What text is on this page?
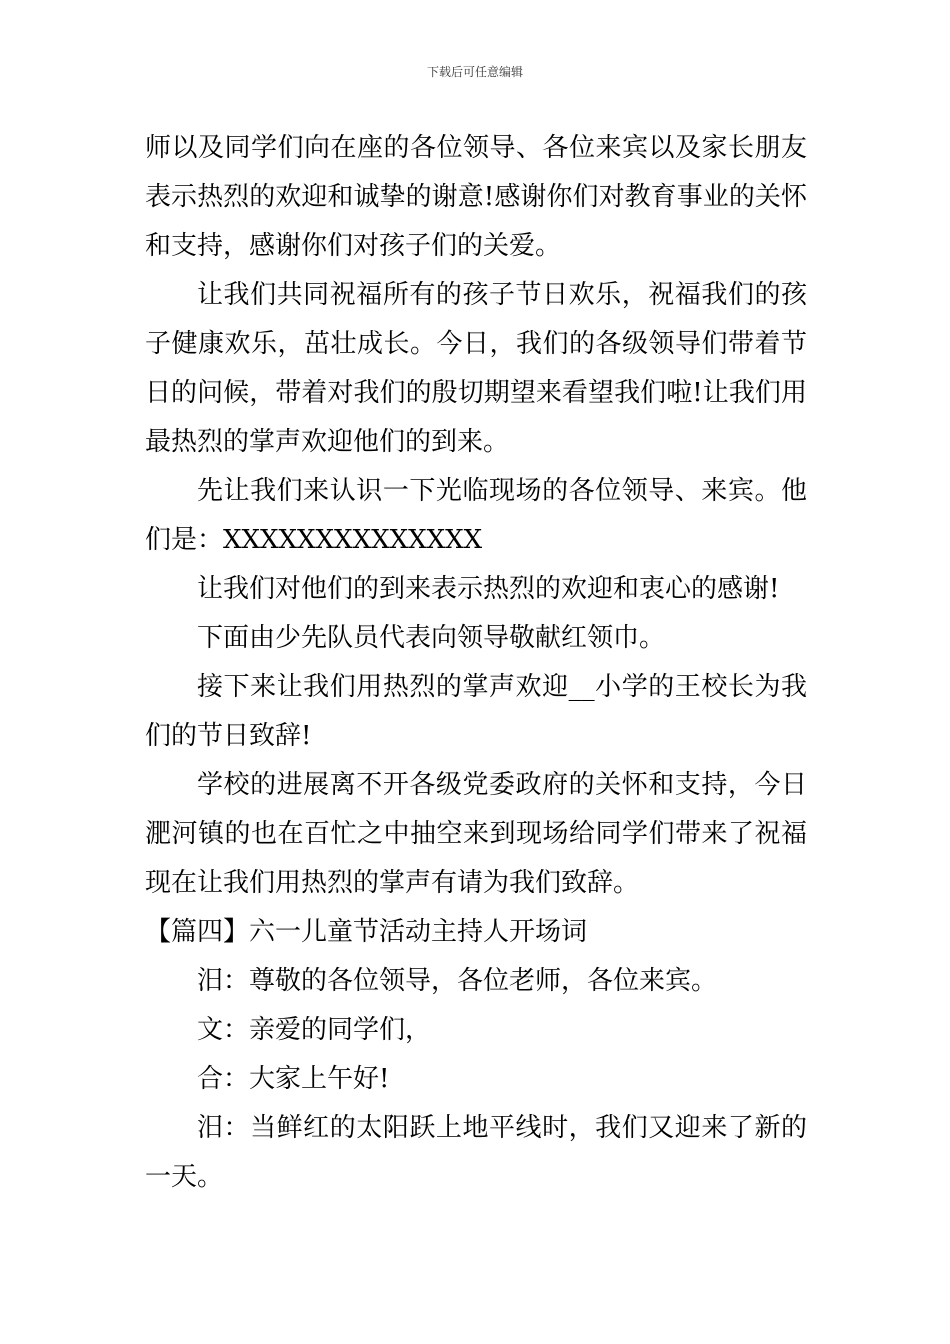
下载后可任意编辑

师以及同学们向在座的各位领导、各位来宾以及家长朋友表示热烈的欢迎和诚挚的谢意!感谢你们对教育事业的关怀和支持，感谢你们对孩子们的关爱。

让我们共同祝福所有的孩子节日欢乐，祝福我们的孩子健康欢乐，茁壮成长。今日，我们的各级领导们带着节日的问候，带着对我们的殷切期望来看望我们啦!让我们用最热烈的掌声欢迎他们的到来。

先让我们来认识一下光临现场的各位领导、来宾。他们是：XXXXXXXXXXXXXX

让我们对他们的到来表示热烈的欢迎和衷心的感谢!

下面由少先队员代表向领导敬献红领巾。

接下来让我们用热烈的掌声欢迎__小学的王校长为我们的节日致辞!

学校的进展离不开各级党委政府的关怀和支持，今日淝河镇的也在百忙之中抽空来到现场给同学们带来了祝福现在让我们用热烈的掌声有请为我们致辞。

【篇四】六一儿童节活动主持人开场词

汨：尊敬的各位领导，各位老师，各位来宾。

文：亲爱的同学们，

合：大家上午好!

汨：当鲜红的太阳跃上地平线时，我们又迎来了新的一天。
